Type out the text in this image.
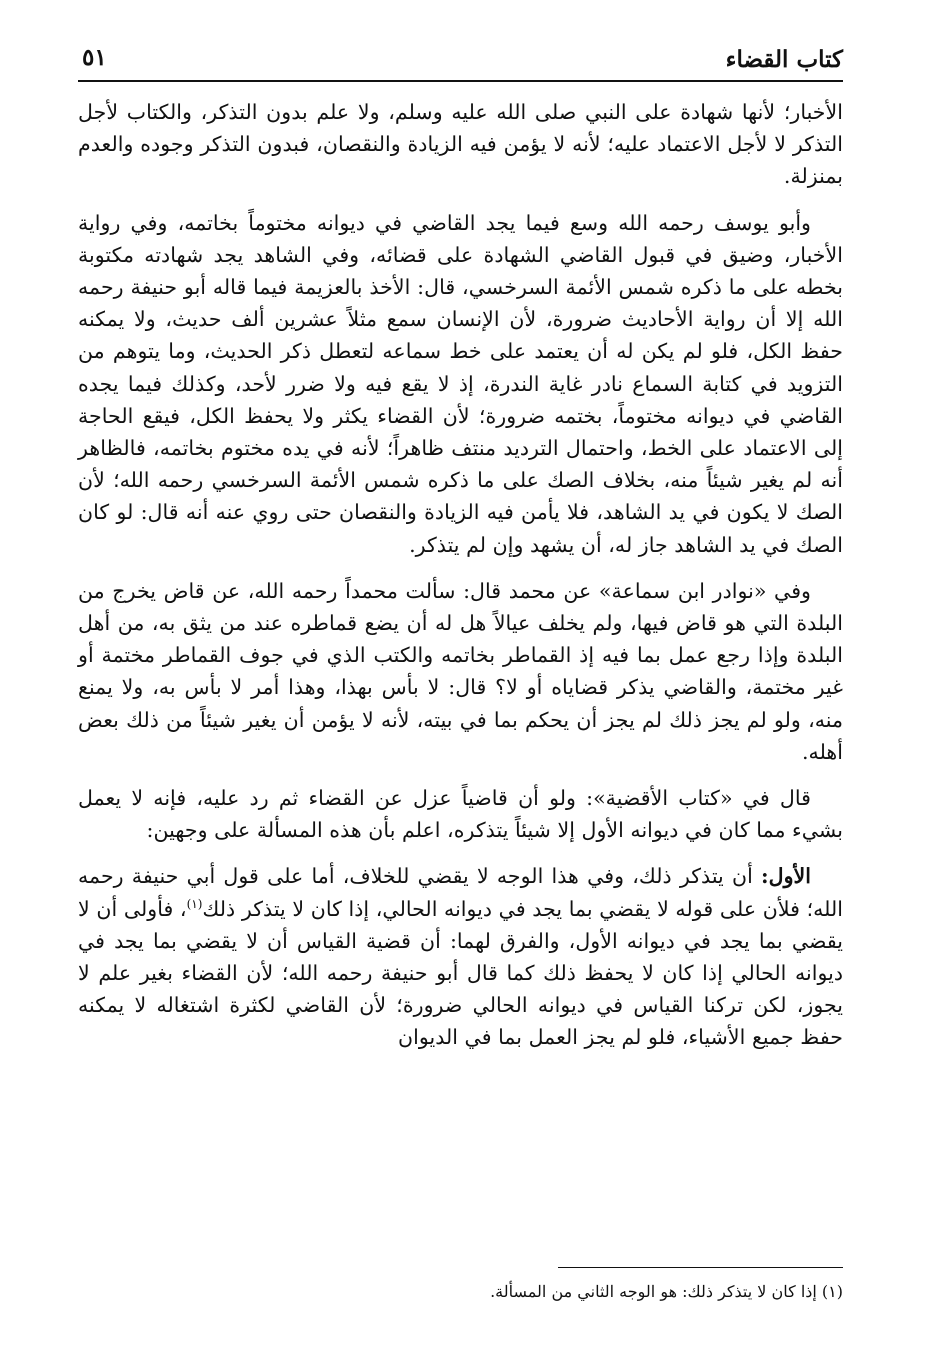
كتاب القضاء
٥١

الأخبار؛ لأنها شهادة على النبي صلى الله عليه وسلم، ولا علم بدون التذكر، والكتاب لأجل التذكر لا لأجل الاعتماد عليه؛ لأنه لا يؤمن فيه الزيادة والنقصان، فبدون التذكر وجوده والعدم بمنزلة.

وأبو يوسف رحمه الله وسع فيما يجد القاضي في ديوانه مختوماً بخاتمه، وفي رواية الأخبار، وضيق في قبول القاضي الشهادة على قضائه، وفي الشاهد يجد شهادته مكتوبة بخطه على ما ذكره شمس الأئمة السرخسي، قال: الأخذ بالعزيمة فيما قاله أبو حنيفة رحمه الله إلا أن رواية الأحاديث ضرورة، لأن الإنسان سمع مثلاً عشرين ألف حديث، ولا يمكنه حفظ الكل، فلو لم يكن له أن يعتمد على خط سماعه لتعطل ذكر الحديث، وما يتوهم من التزويد في كتابة السماع نادر غاية الندرة، إذ لا يقع فيه ولا ضرر لأحد، وكذلك فيما يجده القاضي في ديوانه مختوماً، بختمه ضرورة؛ لأن القضاء يكثر ولا يحفظ الكل، فيقع الحاجة إلى الاعتماد على الخط، واحتمال الترديد منتف ظاهراً؛ لأنه في يده مختوم بخاتمه، فالظاهر أنه لم يغير شيئاً منه، بخلاف الصك على ما ذكره شمس الأئمة السرخسي رحمه الله؛ لأن الصك لا يكون في يد الشاهد، فلا يأمن فيه الزيادة والنقصان حتى روي عنه أنه قال: لو كان الصك في يد الشاهد جاز له، أن يشهد وإن لم يتذكر.

وفي «نوادر ابن سماعة» عن محمد قال: سألت محمداً رحمه الله، عن قاض يخرج من البلدة التي هو قاض فيها، ولم يخلف عيالاً هل له أن يضع قماطره عند من يثق به، من أهل البلدة وإذا رجع عمل بما فيه إذ القماطر بخاتمه والكتب الذي في جوف القماطر مختمة أو غير مختمة، والقاضي يذكر قضاياه أو لا؟ قال: لا بأس بهذا، وهذا أمر لا بأس به، ولا يمنع منه، ولو لم يجز ذلك لم يجز أن يحكم بما في بيته، لأنه لا يؤمن أن يغير شيئاً من ذلك بعض أهله.

قال في «كتاب الأقضية»: ولو أن قاضياً عزل عن القضاء ثم رد عليه، فإنه لا يعمل بشيء مما كان في ديوانه الأول إلا شيئاً يتذكره، اعلم بأن هذه المسألة على وجهين:

الأول: أن يتذكر ذلك، وفي هذا الوجه لا يقضي للخلاف، أما على قول أبي حنيفة رحمه الله؛ فلأن على قوله لا يقضي بما يجد في ديوانه الحالي، إذا كان لا يتذكر ذلك$^{(١)}$، فأولى أن لا يقضي بما يجد في ديوانه الأول، والفرق لهما: أن قضية القياس أن لا يقضي بما يجد في ديوانه الحالي إذا كان لا يحفظ ذلك كما قال أبو حنيفة رحمه الله؛ لأن القضاء بغير علم لا يجوز، لكن تركنا القياس في ديوانه الحالي ضرورة؛ لأن القاضي لكثرة اشتغاله لا يمكنه حفظ جميع الأشياء، فلو لم يجز العمل بما في الديوان

(١) إذا كان لا يتذكر ذلك: هو الوجه الثاني من المسألة.
